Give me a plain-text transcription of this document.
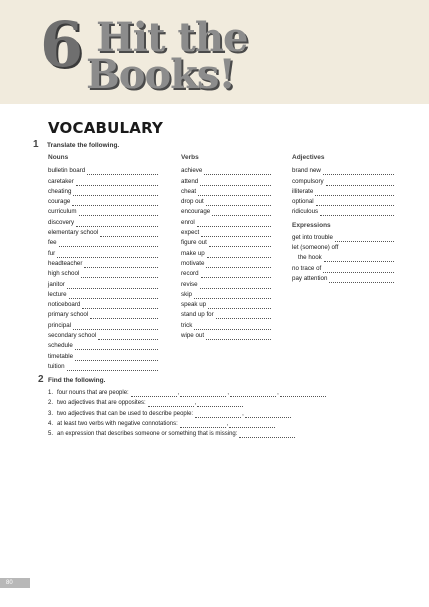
6 Hit the
Books!
VOCABULARY
1 Translate the following.
Nouns
bulletin board
caretaker
cheating
courage
curriculum
discovery
elementary school
fee
fur
headteacher
high school
janitor
lecture
noticeboard
primary school
principal
secondary school
schedule
timetable
tuition
Verbs
achieve
attend
cheat
drop out
encourage
enrol
expect
figure out
make up
motivate
record
revise
skip
speak up
stand up for
trick
wipe out
Adjectives
brand new
compulsory
illiterate
optional
ridiculous
Expressions
get into trouble
let (someone) off
the hook
no trace of
pay attention
2 Find the following.
1. four nouns that are people:	,	,	,
2. two adjectives that are opposites:	,
3. two adjectives that can be used to describe people:	,
4. at least two verbs with negative connotations:	,
5. an expression that describes someone or something that is missing:
80
